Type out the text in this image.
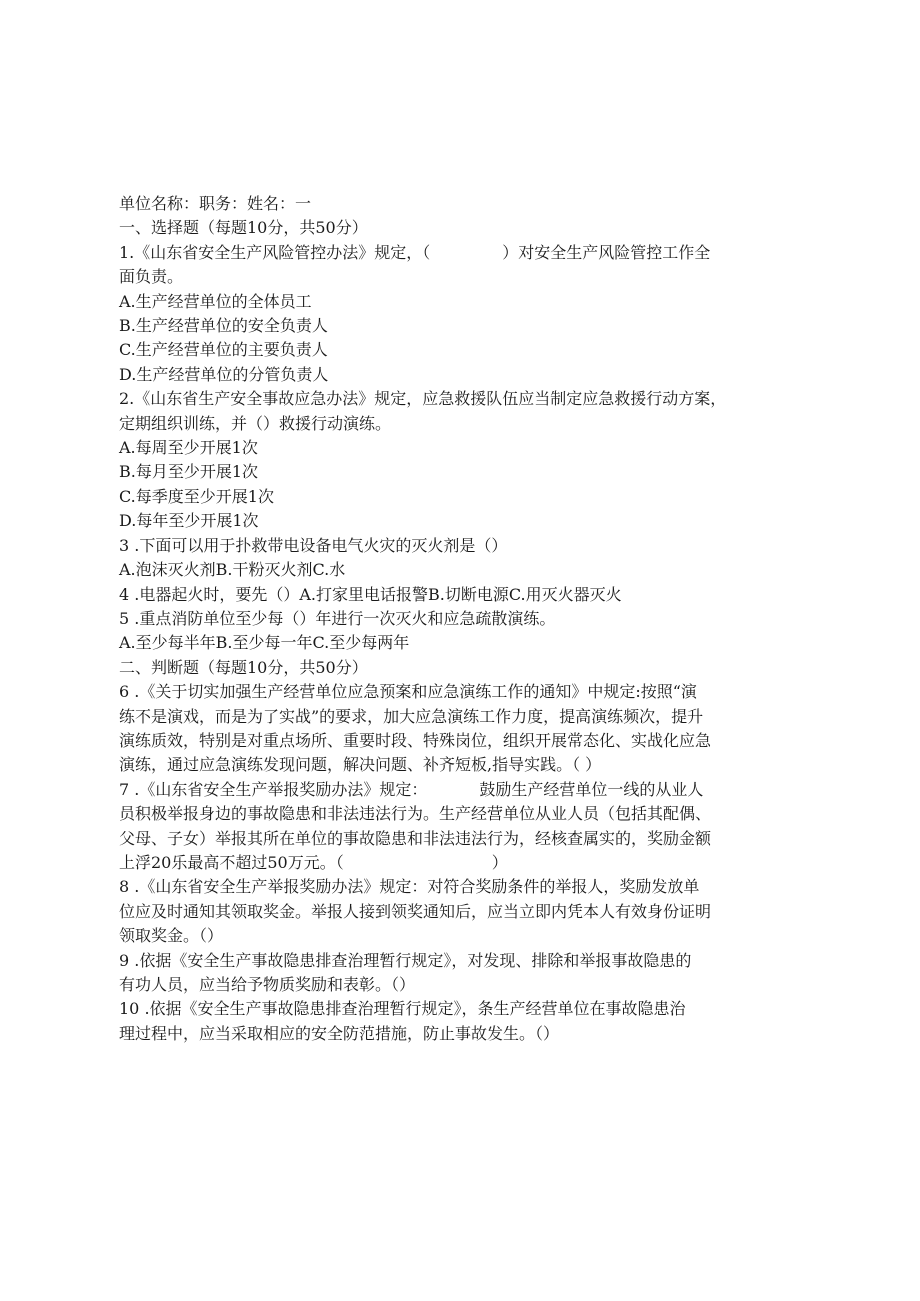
单位名称：职务：姓名：一

一、选择题（每题10分，共50分）

1.《山东省安全生产风险管控办法》规定，（	）对安全生产风险管控工作全

面负责。

A.生产经营单位的全体员工

B.生产经营单位的安全负责人

C.生产经营单位的主要负责人

D.生产经营单位的分管负责人

2.《山东省生产安全事故应急办法》规定，应急救援队伍应当制定应急救援行动方案，

定期组织训练，并（）救援行动演练。

A.每周至少开展1次

B.每月至少开展1次

C.每季度至少开展1次

D.每年至少开展1次

3 .下面可以用于扑救带电设备电气火灾的灭火剂是（）

A.泡沫灭火剂B.干粉灭火剂C.水

4 .电器起火时，要先（）A.打家里电话报警B.切断电源C.用灭火器灭火

5 .重点消防单位至少每（）年进行一次灭火和应急疏散演练。

A.至少每半年B.至少每一年C.至少每两年

二、判断题（每题10分，共50分）

6 .《关于切实加强生产经营单位应急预案和应急演练工作的通知》中规定:按照“演

练不是演戏，而是为了实战”的要求，加大应急演练工作力度，提高演练频次，提升

演练质效，特别是对重点场所、重要时段、特殊岗位，组织开展常态化、实战化应急

演练，通过应急演练发现问题，解决问题、补齐短板,指导实践。（ ）

7 .《山东省安全生产举报奖励办法》规定：	鼓励生产经营单位一线的从业人

员积极举报身边的事故隐患和非法违法行为。生产经营单位从业人员（包括其配偶、

父母、子女）举报其所在单位的事故隐患和非法违法行为，经核查属实的，奖励金额

上浮20乐最高不超过50万元。（	）

8 .《山东省安全生产举报奖励办法》规定：对符合奖励条件的举报人，奖励发放单

位应及时通知其领取奖金。举报人接到领奖通知后，应当立即内凭本人有效身份证明

领取奖金。（）

9 .依据《安全生产事故隐患排查治理暂行规定》，对发现、排除和举报事故隐患的

有功人员，应当给予物质奖励和表彰。（）

10 .依据《安全生产事故隐患排查治理暂行规定》，条生产经营单位在事故隐患治

理过程中，应当采取相应的安全防范措施，防止事故发生。（）
